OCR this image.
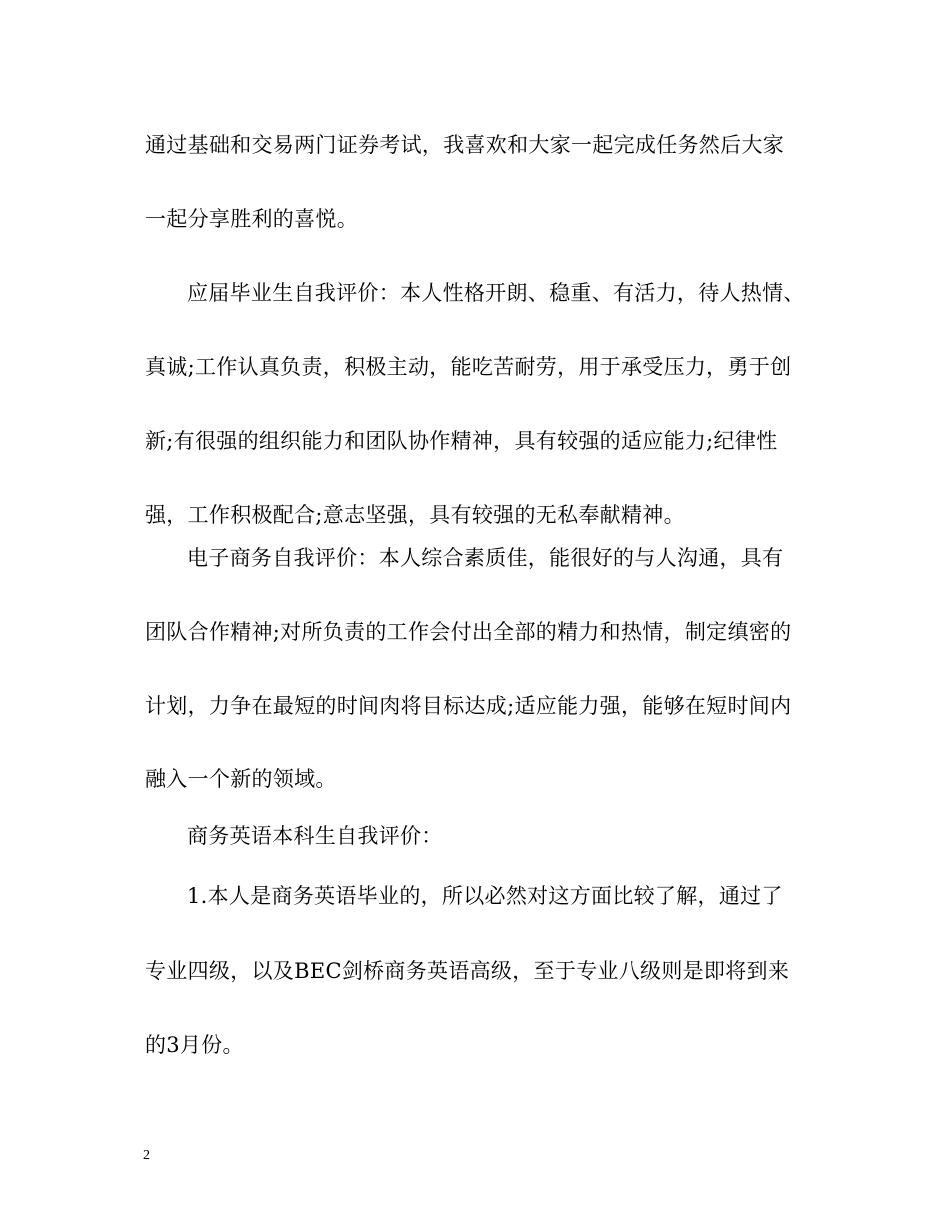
通过基础和交易两门证券考试，我喜欢和大家一起完成任务然后大家
一起分享胜利的喜悦。
应届毕业生自我评价：本人性格开朗、稳重、有活力，待人热情、
真诚;工作认真负责，积极主动，能吃苦耐劳，用于承受压力，勇于创
新;有很强的组织能力和团队协作精神，具有较强的适应能力;纪律性
强，工作积极配合;意志坚强，具有较强的无私奉献精神。
电子商务自我评价：本人综合素质佳，能很好的与人沟通，具有
团队合作精神;对所负责的工作会付出全部的精力和热情，制定缜密的
计划，力争在最短的时间肉将目标达成;适应能力强，能够在短时间内
融入一个新的领域。
商务英语本科生自我评价：
1.本人是商务英语毕业的，所以必然对这方面比较了解，通过了
专业四级，以及BEC剑桥商务英语高级，至于专业八级则是即将到来
的3月份。
2
